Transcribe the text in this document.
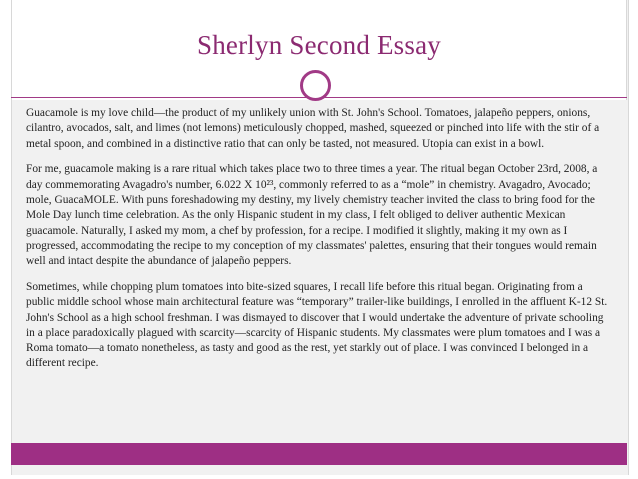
Sherlyn Second Essay

Guacamole is my love child—the product of my unlikely union with St. John's School. Tomatoes, jalapeño peppers, onions, cilantro, avocados, salt, and limes (not lemons) meticulously chopped, mashed, squeezed or pinched into life with the stir of a metal spoon, and combined in a distinctive ratio that can only be tasted, not measured. Utopia can exist in a bowl.

For me, guacamole making is a rare ritual which takes place two to three times a year. The ritual began October 23rd, 2008, a day commemorating Avagadro's number, 6.022 X 10²³, commonly referred to as a “mole” in chemistry. Avagadro, Avocado; mole, GuacaMOLE. With puns foreshadowing my destiny, my lively chemistry teacher invited the class to bring food for the Mole Day lunch time celebration. As the only Hispanic student in my class, I felt obliged to deliver authentic Mexican guacamole. Naturally, I asked my mom, a chef by profession, for a recipe. I modified it slightly, making it my own as I progressed, accommodating the recipe to my conception of my classmates' palettes, ensuring that their tongues would remain well and intact despite the abundance of jalapeño peppers.

Sometimes, while chopping plum tomatoes into bite-sized squares, I recall life before this ritual began. Originating from a public middle school whose main architectural feature was “temporary” trailer-like buildings, I enrolled in the affluent K-12 St. John's School as a high school freshman. I was dismayed to discover that I would undertake the adventure of private schooling in a place paradoxically plagued with scarcity—scarcity of Hispanic students. My classmates were plum tomatoes and I was a Roma tomato—a tomato nonetheless, as tasty and good as the rest, yet starkly out of place. I was convinced I belonged in a different recipe.
